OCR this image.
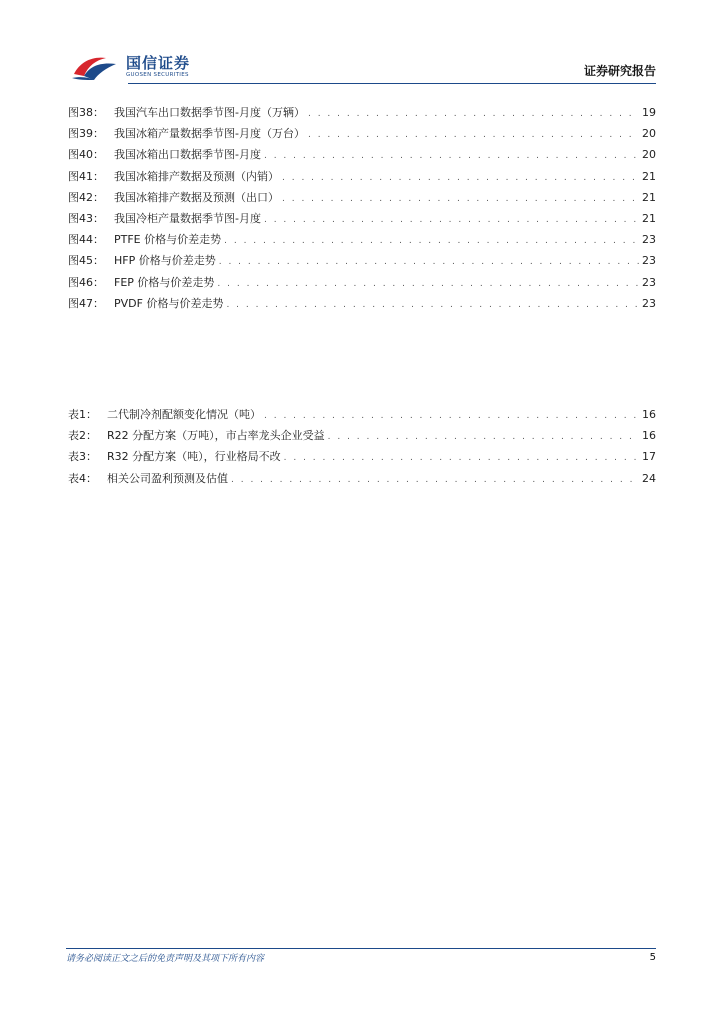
国信证券
GUOSEN SECURITIES	证券研究报告
图38： 我国汽车出口数据季节图-月度（万辆） . . .	19
图39： 我国冰箱产量数据季节图-月度（万台） . . .	20
图40： 我国冰箱出口数据季节图-月度 . . .	20
图41： 我国冰箱排产数据及预测（内销） . . .	21
图42： 我国冰箱排产数据及预测（出口） . . .	21
图43： 我国冷柜产量数据季节图-月度 . . .	21
图44： PTFE 价格与价差走势 . . .	23
图45： HFP 价格与价差走势 . . .	23
图46： FEP 价格与价差走势 . . .	23
图47： PVDF 价格与价差走势 . . .	23
表1： 二代制冷剂配额变化情况（吨） . . .	16
表2： R22 分配方案（万吨），市占率龙头企业受益 . . .	16
表3： R32 分配方案（吨），行业格局不改 . . .	17
表4： 相关公司盈利预测及估值 . . .	24
请务必阅读正文之后的免责声明及其项下所有内容	5
